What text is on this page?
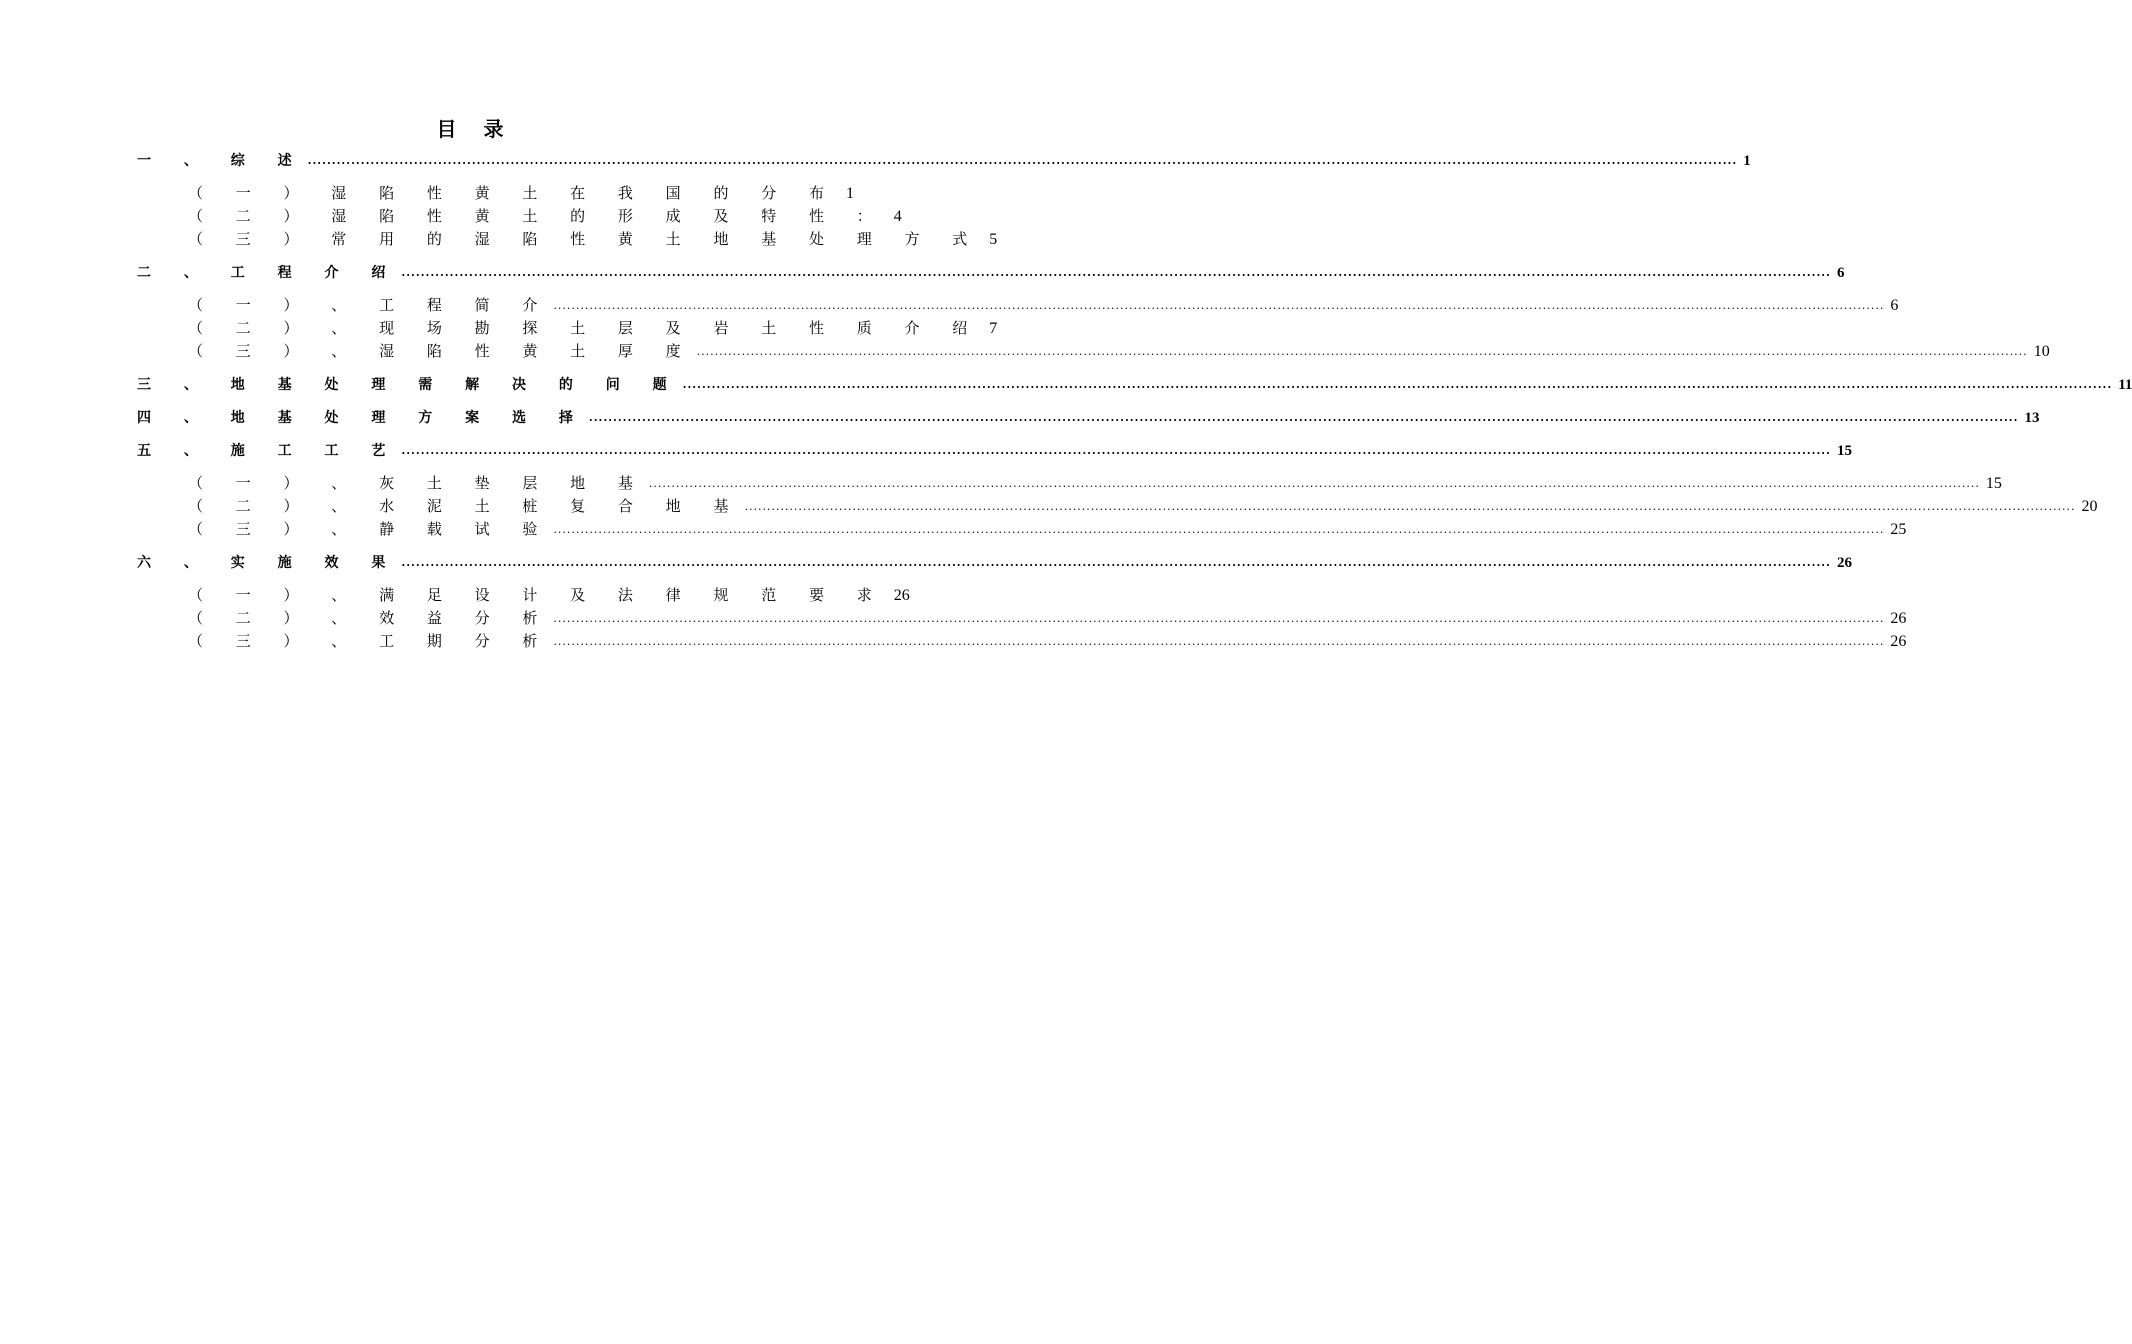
目 录
一 、 综 述 .....	1
（ 一 ） 湿 陷 性 黄 土 在 我 国 的 分 布 1
（ 二 ） 湿 陷 性 黄 土 的 形 成 及 特 性 ： 4
（ 三 ） 常 用 的 湿 陷 性 黄 土 地 基 处 理 方 式 5
二 、 工 程 介 绍 .....	6
（ 一 ） 、 工 程 简 介 .....	6
（ 二 ） 、 现 场 勘 探 土 层 及 岩 土 性 质 介 绍 7
（ 三 ） 、 湿 陷 性 黄 土 厚 度 .....	10
三 、 地 基 处 理 需 解 决 的 问 题 .....	11
四 、 地 基 处 理 方 案 选 择 .....	13
五 、 施 工 工 艺 .....	15
（ 一 ） 、 灰 土 垫 层 地 基 .....	15
（ 二 ） 、 水 泥 土 桩 复 合 地 基 .....	20
（ 三 ） 、 静 载 试 验 .....	25
六 、 实 施 效 果 .....	26
（ 一 ） 、 满 足 设 计 及 法 律 规 范 要 求 26
（ 二 ） 、 效 益 分 析 .....	26
（ 三 ） 、 工 期 分 析 .....	26
